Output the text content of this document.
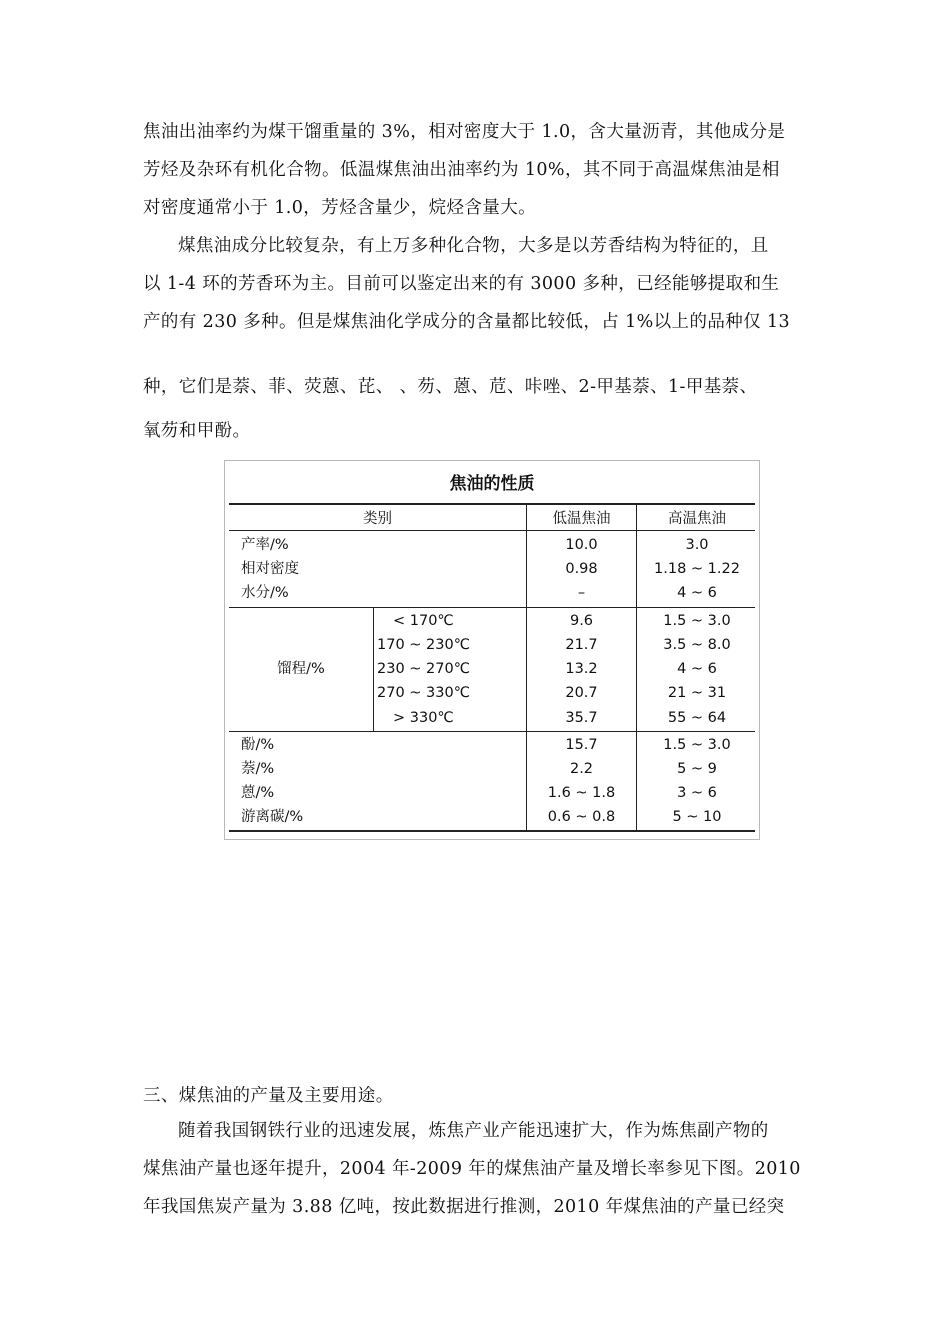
焦油出油率约为煤干馏重量的 3%，相对密度大于 1.0，含大量沥青，其他成分是
芳烃及杂环有机化合物。低温煤焦油出油率约为 10%，其不同于高温煤焦油是相
对密度通常小于 1.0，芳烃含量少，烷烃含量大。
煤焦油成分比较复杂，有上万多种化合物，大多是以芳香结构为特征的，且
以 1-4 环的芳香环为主。目前可以鉴定出来的有 3000 多种，已经能够提取和生
产的有 230 多种。但是煤焦油化学成分的含量都比较低，占 1%以上的品种仅 13
种，它们是萘、菲、荧蒽、芘、 、芴、蒽、苊、咔唑、2-甲基萘、1-甲基萘、
氧芴和甲酚。
焦油的性质
类别	低温焦油	高温焦油
产率/%	10.0	3.0
相对密度	0.98	1.18 ~ 1.22
水分/%	–	4 ~ 6
馏程/%
< 170℃	9.6	1.5 ~ 3.0
170 ~ 230℃	21.7	3.5 ~ 8.0
230 ~ 270℃	13.2	4 ~ 6
270 ~ 330℃	20.7	21 ~ 31
> 330℃	35.7	55 ~ 64
酚/%	15.7	1.5 ~ 3.0
萘/%	2.2	5 ~ 9
蒽/%	1.6 ~ 1.8	3 ~ 6
游离碳/%	0.6 ~ 0.8	5 ~ 10
三、煤焦油的产量及主要用途。
随着我国钢铁行业的迅速发展，炼焦产业产能迅速扩大，作为炼焦副产物的
煤焦油产量也逐年提升，2004 年-2009 年的煤焦油产量及增长率参见下图。2010
年我国焦炭产量为 3.88 亿吨，按此数据进行推测，2010 年煤焦油的产量已经突
